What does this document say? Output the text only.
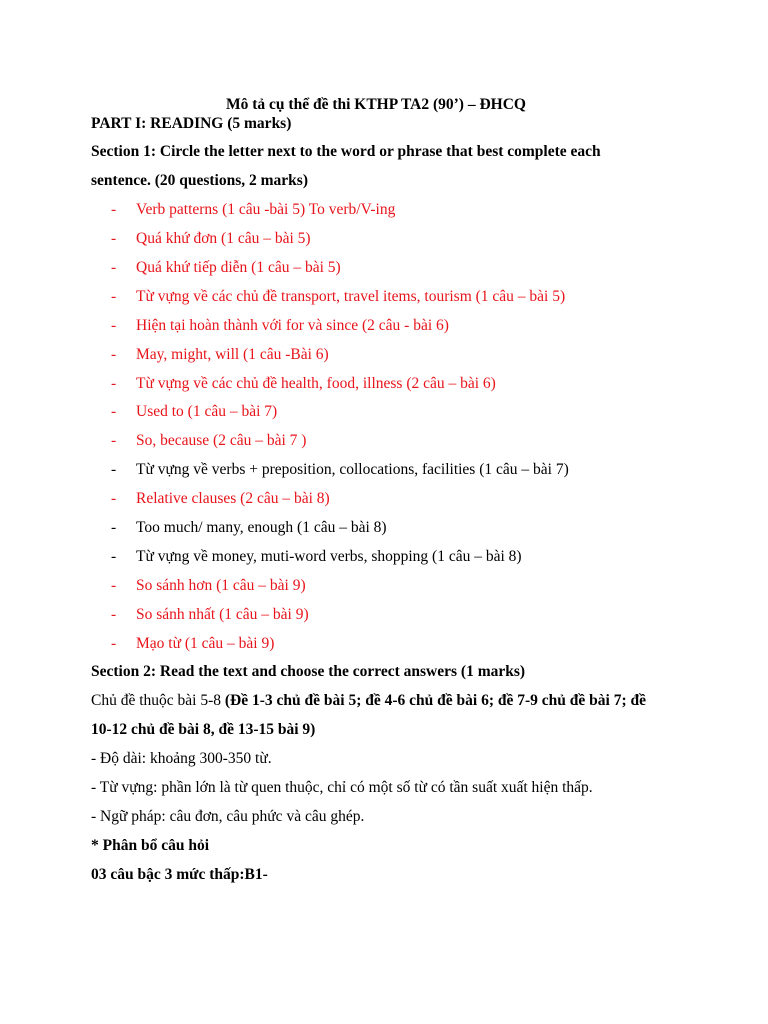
Mô tả cụ thể đề thi KTHP TA2 (90’) – ĐHCQ
PART I: READING (5 marks)
Section 1: Circle the letter next to the word or phrase that best complete each
sentence. (20 questions, 2 marks)
-	Verb patterns (1 câu -bài 5) To verb/V-ing
-	Quá khứ đơn (1 câu – bài 5)
-	Quá khứ tiếp diễn (1 câu – bài 5)
-	Từ vựng về các chủ đề transport, travel items, tourism (1 câu – bài 5)
-	Hiện tại hoàn thành với for và since (2 câu - bài 6)
-	May, might, will (1 câu -Bài 6)
-	Từ vựng về các chủ đề health, food, illness (2 câu – bài 6)
-	Used to (1 câu – bài 7)
-	So, because (2 câu – bài 7 )
-	Từ vựng về verbs + preposition, collocations, facilities (1 câu – bài 7)
-	Relative clauses (2 câu – bài 8)
-	Too much/ many, enough (1 câu – bài 8)
-	Từ vựng về money, muti-word verbs, shopping (1 câu – bài 8)
-	So sánh hơn (1 câu – bài 9)
-	So sánh nhất (1 câu – bài 9)
-	Mạo từ (1 câu – bài 9)
Section 2: Read the text and choose the correct answers (1 marks)
Chủ đề thuộc bài 5-8 (Đề 1-3 chủ đề bài 5; đề 4-6 chủ đề bài 6; đề 7-9 chủ đề bài 7; đề
10-12 chủ đề bài 8, đề 13-15 bài 9)
- Độ dài: khoảng 300-350 từ.
- Từ vựng: phần lớn là từ quen thuộc, chỉ có một số từ có tần suất xuất hiện thấp.
- Ngữ pháp: câu đơn, câu phức và câu ghép.
* Phân bổ câu hỏi
03 câu bậc 3 mức thấp:B1-
